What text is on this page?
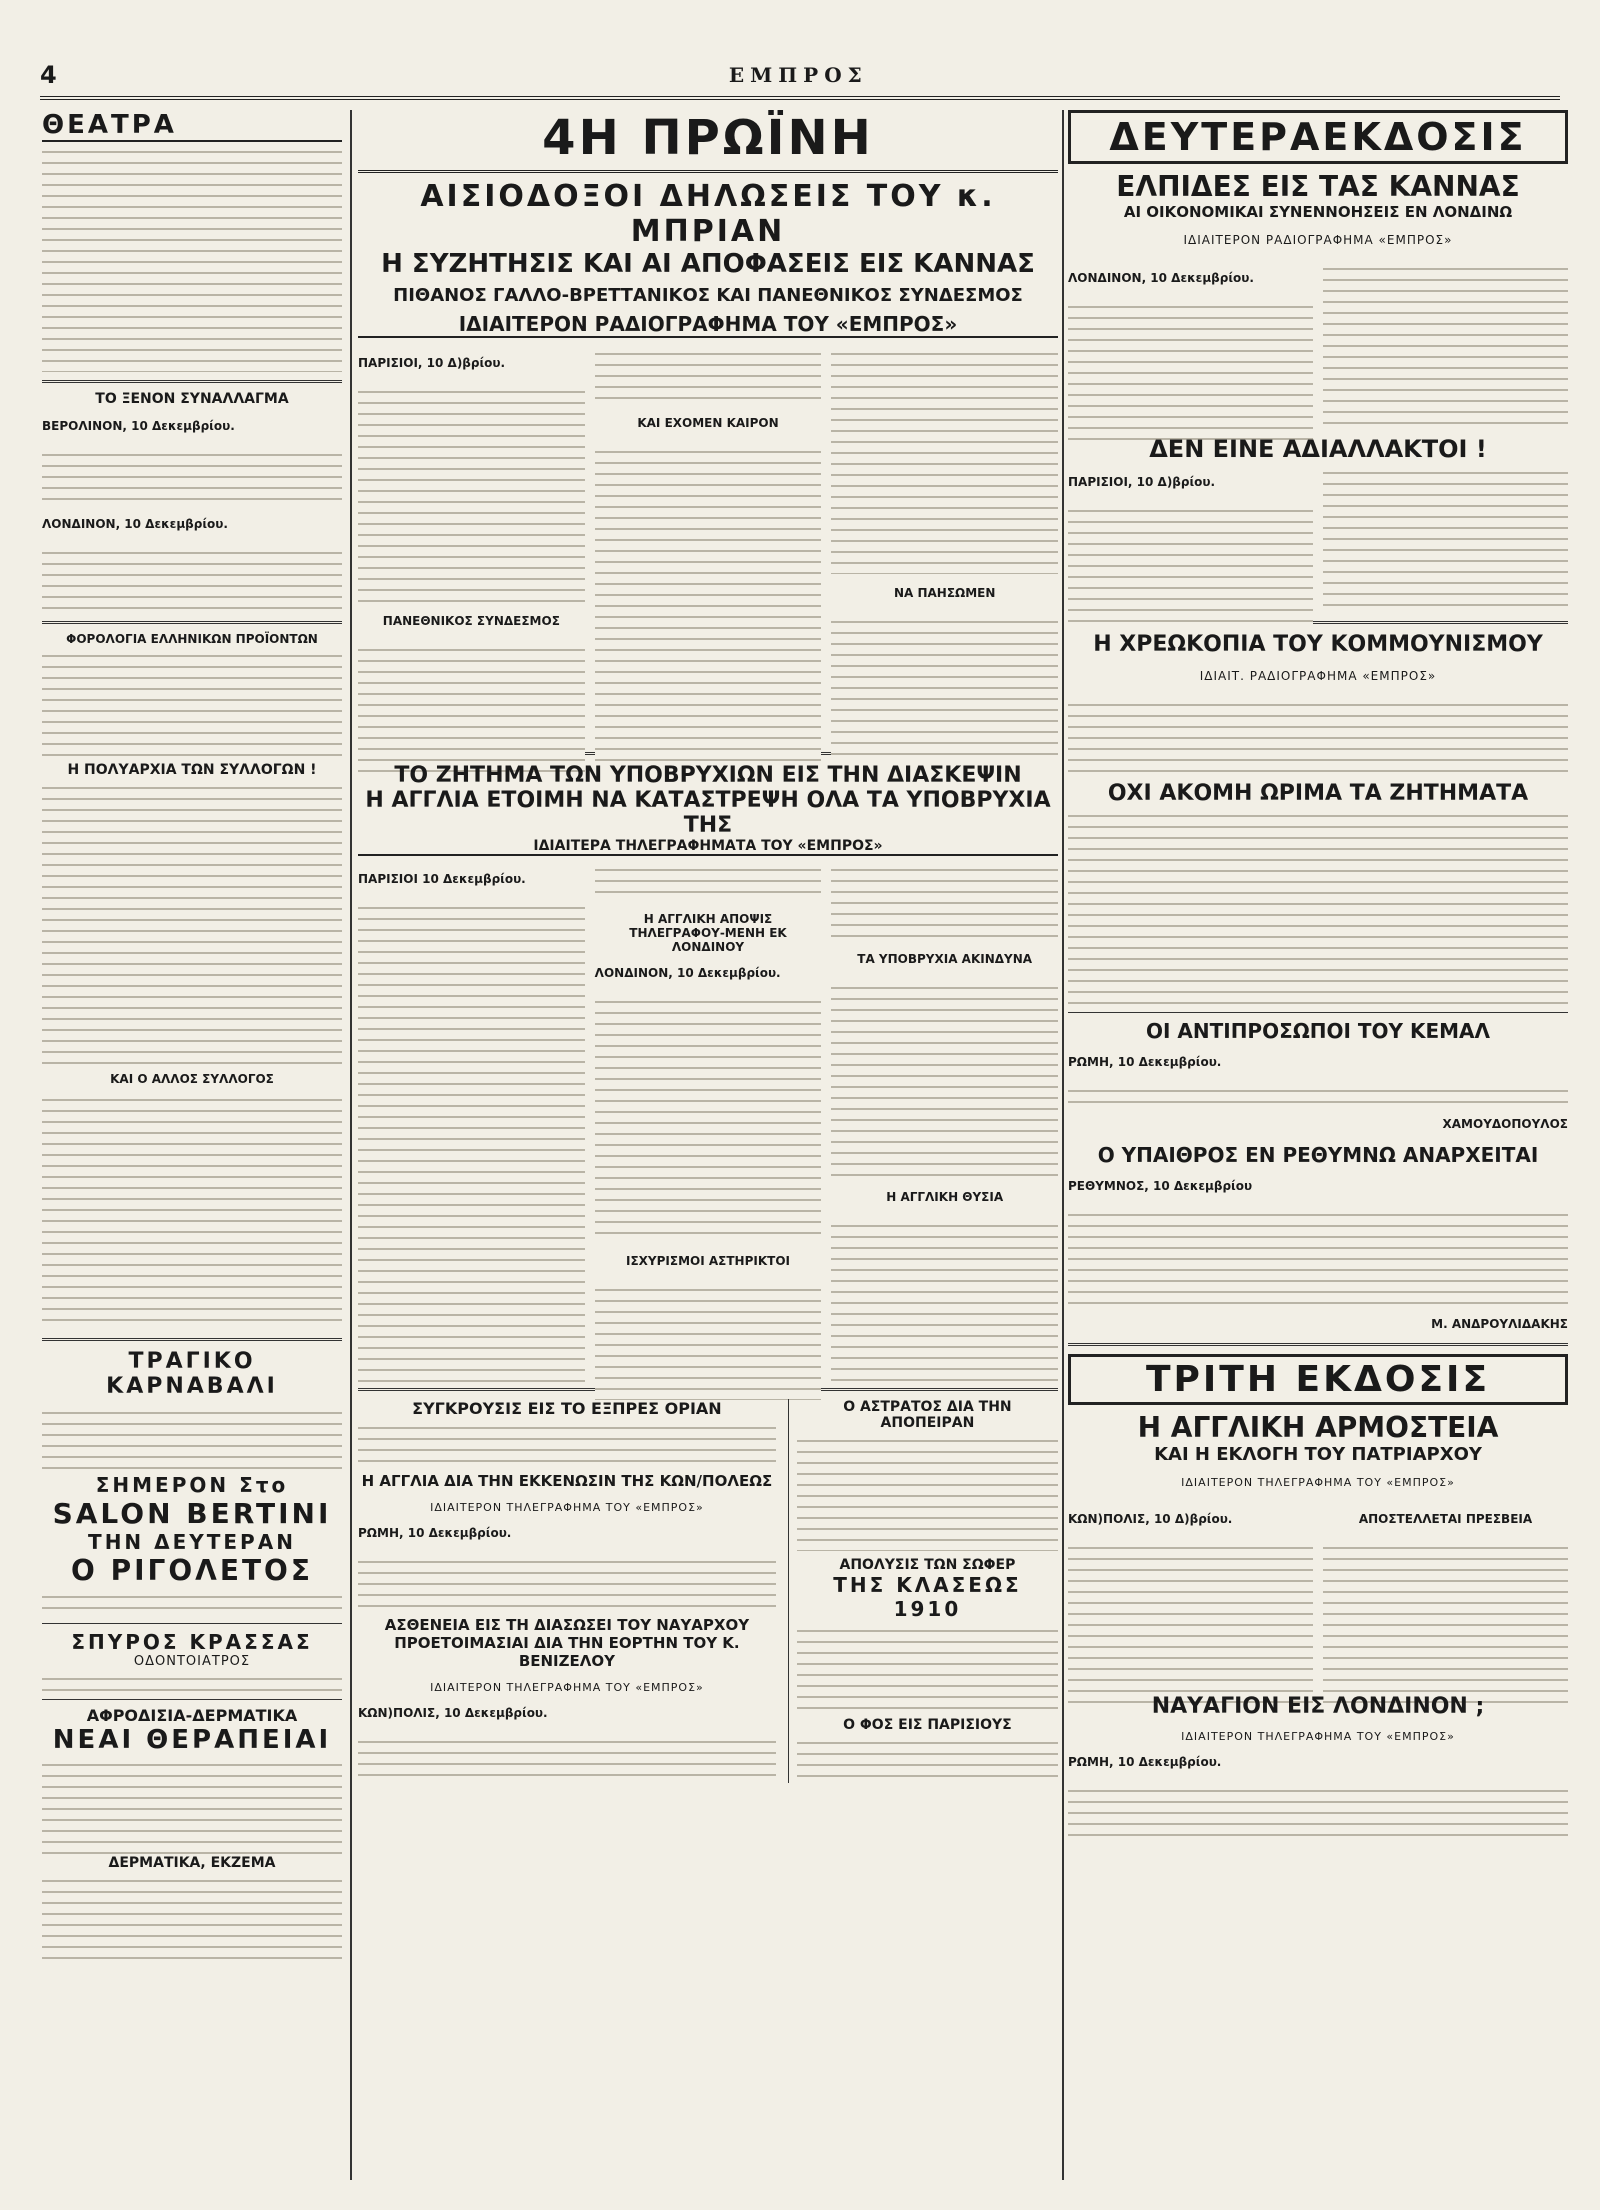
4	ΕΜΠΡΟΣ
ΘΕΑΤΡΑ
ΤΟ ΞΕΝΟΝ ΣΥΝΑΛΛΑΓΜΑ

ΒΕΡΟΛΙΝΟΝ, 10 Δεκεμβρίου.

ΛΟΝΔΙΝΟΝ, 10 Δεκεμβρίου.

ΦΟΡΟΛΟΓΙΑ ΕΛΛΗΝΙΚΩΝ ΠΡΟΪΟΝΤΩΝ
Η ΠΟΛΥΑΡΧΙΑ ΤΩΝ ΣΥΛΛΟΓΩΝ !
ΚΑΙ Ο ΑΛΛΟΣ ΣΥΛΛΟΓΟΣ
ΤΡΑΓΙΚΟ ΚΑΡΝΑΒΑΛΙ
ΣΗΜΕΡΟΝ Στο
SALON BERTINI
ΤΗΝ ΔΕΥΤΕΡΑΝ
Ο ΡΙΓΟΛΕΤΟΣ
ΣΠΥΡΟΣ ΚΡΑΣΣΑΣ
ΟΔΟΝΤΟΙΑΤΡΟΣ
ΑΦΡΟΔΙΣΙΑ-ΔΕΡΜΑΤΙΚΑ
ΝΕΑΙ ΘΕΡΑΠΕΙΑΙ
ΔΕΡΜΑΤΙΚΑ, ΕΚΖΕΜΑ
4Η ΠΡΩΪΝΗ
ΑΙΣΙΟΔΟΞΟΙ ΔΗΛΩΣΕΙΣ ΤΟΥ κ. ΜΠΡΙΑΝ
Η ΣΥΖΗΤΗΣΙΣ ΚΑΙ ΑΙ ΑΠΟΦΑΣΕΙΣ ΕΙΣ ΚΑΝΝΑΣ
ΠΙΘΑΝΟΣ ΓΑΛΛΟ-ΒΡΕΤΤΑΝΙΚΟΣ ΚΑΙ ΠΑΝΕΘΝΙΚΟΣ ΣΥΝΔΕΣΜΟΣ
ΙΔΙΑΙΤΕΡΟΝ ΡΑΔΙΟΓΡΑΦΗΜΑ ΤΟΥ «ΕΜΠΡΟΣ»

ΠΑΡΙΣΙΟΙ, 10 Δ)βρίου.

ΠΑΝΕΘΝΙΚΟΣ ΣΥΝΔΕΣΜΟΣ

ΚΑΙ ΕΧΟΜΕΝ ΚΑΙΡΟΝ

ΝΑ ΠΑΗΣΩΜΕΝ

ΤΟ ΖΗΤΗΜΑ ΤΩΝ ΥΠΟΒΡΥΧΙΩΝ ΕΙΣ ΤΗΝ ΔΙΑΣΚΕΨΙΝ
Η ΑΓΓΛΙΑ ΕΤΟΙΜΗ ΝΑ ΚΑΤΑΣΤΡΕΨΗ ΟΛΑ ΤΑ ΥΠΟΒΡΥΧΙΑ ΤΗΣ
ΙΔΙΑΙΤΕΡΑ ΤΗΛΕΓΡΑΦΗΜΑΤΑ ΤΟΥ «ΕΜΠΡΟΣ»

ΠΑΡΙΣΙΟΙ 10 Δεκεμβρίου.

Η ΑΓΓΛΙΚΗ ΑΠΟΨΙΣ ΤΗΛΕΓΡΑΦΟΥ-ΜΕΝΗ ΕΚ ΛΟΝΔΙΝΟΥ

ΛΟΝΔΙΝΟΝ, 10 Δεκεμβρίου.

ΙΣΧΥΡΙΣΜΟΙ ΑΣΤΗΡΙΚΤΟΙ

ΤΑ ΥΠΟΒΡΥΧΙΑ ΑΚΙΝΔΥΝΑ

Η ΑΓΓΛΙΚΗ ΘΥΣΙΑ

ΣΥΓΚΡΟΥΣΙΣ ΕΙΣ ΤΟ ΕΞΠΡΕΣ ΟΡΙΑΝ
Η ΑΓΓΛΙΑ ΔΙΑ ΤΗΝ ΕΚΚΕΝΩΣΙΝ ΤΗΣ ΚΩΝ/ΠΟΛΕΩΣ

ΙΔΙΑΙΤΕΡΟΝ ΤΗΛΕΓΡΑΦΗΜΑ ΤΟΥ «ΕΜΠΡΟΣ»

ΡΩΜΗ, 10 Δεκεμβρίου.

ΑΣΘΕΝΕΙΑ ΕΙΣ ΤΗ ΔΙΑΣΩΣΕΙ ΤΟΥ ΝΑΥΑΡΧΟΥ
ΠΡΟΕΤΟΙΜΑΣΙΑΙ ΔΙΑ ΤΗΝ ΕΟΡΤΗΝ ΤΟΥ Κ. ΒΕΝΙΖΕΛΟΥ

ΙΔΙΑΙΤΕΡΟΝ ΤΗΛΕΓΡΑΦΗΜΑ ΤΟΥ «ΕΜΠΡΟΣ»

ΚΩΝ)ΠΟΛΙΣ, 10 Δεκεμβρίου.

Ο ΑΣΤΡΑΤΟΣ ΔΙΑ ΤΗΝ ΑΠΟΠΕΙΡΑΝ
ΑΠΟΛΥΣΙΣ ΤΩΝ ΣΩΦΕΡ
ΤΗΣ ΚΛΑΣΕΩΣ 1910
Ο ΦΟΣ ΕΙΣ ΠΑΡΙΣΙΟΥΣ
ΔΕΥΤΕΡΑΕΚΔΟΣΙΣ
ΕΛΠΙΔΕΣ ΕΙΣ ΤΑΣ ΚΑΝΝΑΣ
ΑΙ ΟΙΚΟΝΟΜΙΚΑΙ ΣΥΝΕΝΝΟΗΣΕΙΣ ΕΝ ΛΟΝΔΙΝΩ

ΙΔΙΑΙΤΕΡΟΝ ΡΑΔΙΟΓΡΑΦΗΜΑ «ΕΜΠΡΟΣ»

ΛΟΝΔΙΝΟΝ, 10 Δεκεμβρίου.

ΔΕΝ ΕΙΝΕ ΑΔΙΑΛΛΑΚΤΟΙ !

ΠΑΡΙΣΙΟΙ, 10 Δ)βρίου.

Η ΧΡΕΩΚΟΠΙΑ ΤΟΥ ΚΟΜΜΟΥΝΙΣΜΟΥ

ΙΔΙΑΙΤ. ΡΑΔΙΟΓΡΑΦΗΜΑ «ΕΜΠΡΟΣ»

ΟΧΙ ΑΚΟΜΗ ΩΡΙΜΑ ΤΑ ΖΗΤΗΜΑΤΑ
ΟΙ ΑΝΤΙΠΡΟΣΩΠΟΙ ΤΟΥ ΚΕΜΑΛ

ΡΩΜΗ, 10 Δεκεμβρίου.

ΧΑΜΟΥΔΟΠΟΥΛΟΣ

Ο ΥΠΑΙΘΡΟΣ ΕΝ ΡΕΘΥΜΝΩ ΑΝΑΡΧΕΙΤΑΙ

ΡΕΘΥΜΝΟΣ, 10 Δεκεμβρίου

Μ. ΑΝΔΡΟΥΛΙΔΑΚΗΣ

ΤΡΙΤΗ ΕΚΔΟΣΙΣ
Η ΑΓΓΛΙΚΗ ΑΡΜΟΣΤΕΙΑ
ΚΑΙ Η ΕΚΛΟΓΗ ΤΟΥ ΠΑΤΡΙΑΡΧΟΥ

ΙΔΙΑΙΤΕΡΟΝ ΤΗΛΕΓΡΑΦΗΜΑ ΤΟΥ «ΕΜΠΡΟΣ»

ΚΩΝ)ΠΟΛΙΣ, 10 Δ)βρίου.	ΑΠΟΣΤΕΛΛΕΤΑΙ ΠΡΕΣΒΕΙΑ

ΝΑΥΑΓΙΟΝ ΕΙΣ ΛΟΝΔΙΝΟΝ ;

ΙΔΙΑΙΤΕΡΟΝ ΤΗΛΕΓΡΑΦΗΜΑ ΤΟΥ «ΕΜΠΡΟΣ»

ΡΩΜΗ, 10 Δεκεμβρίου.
